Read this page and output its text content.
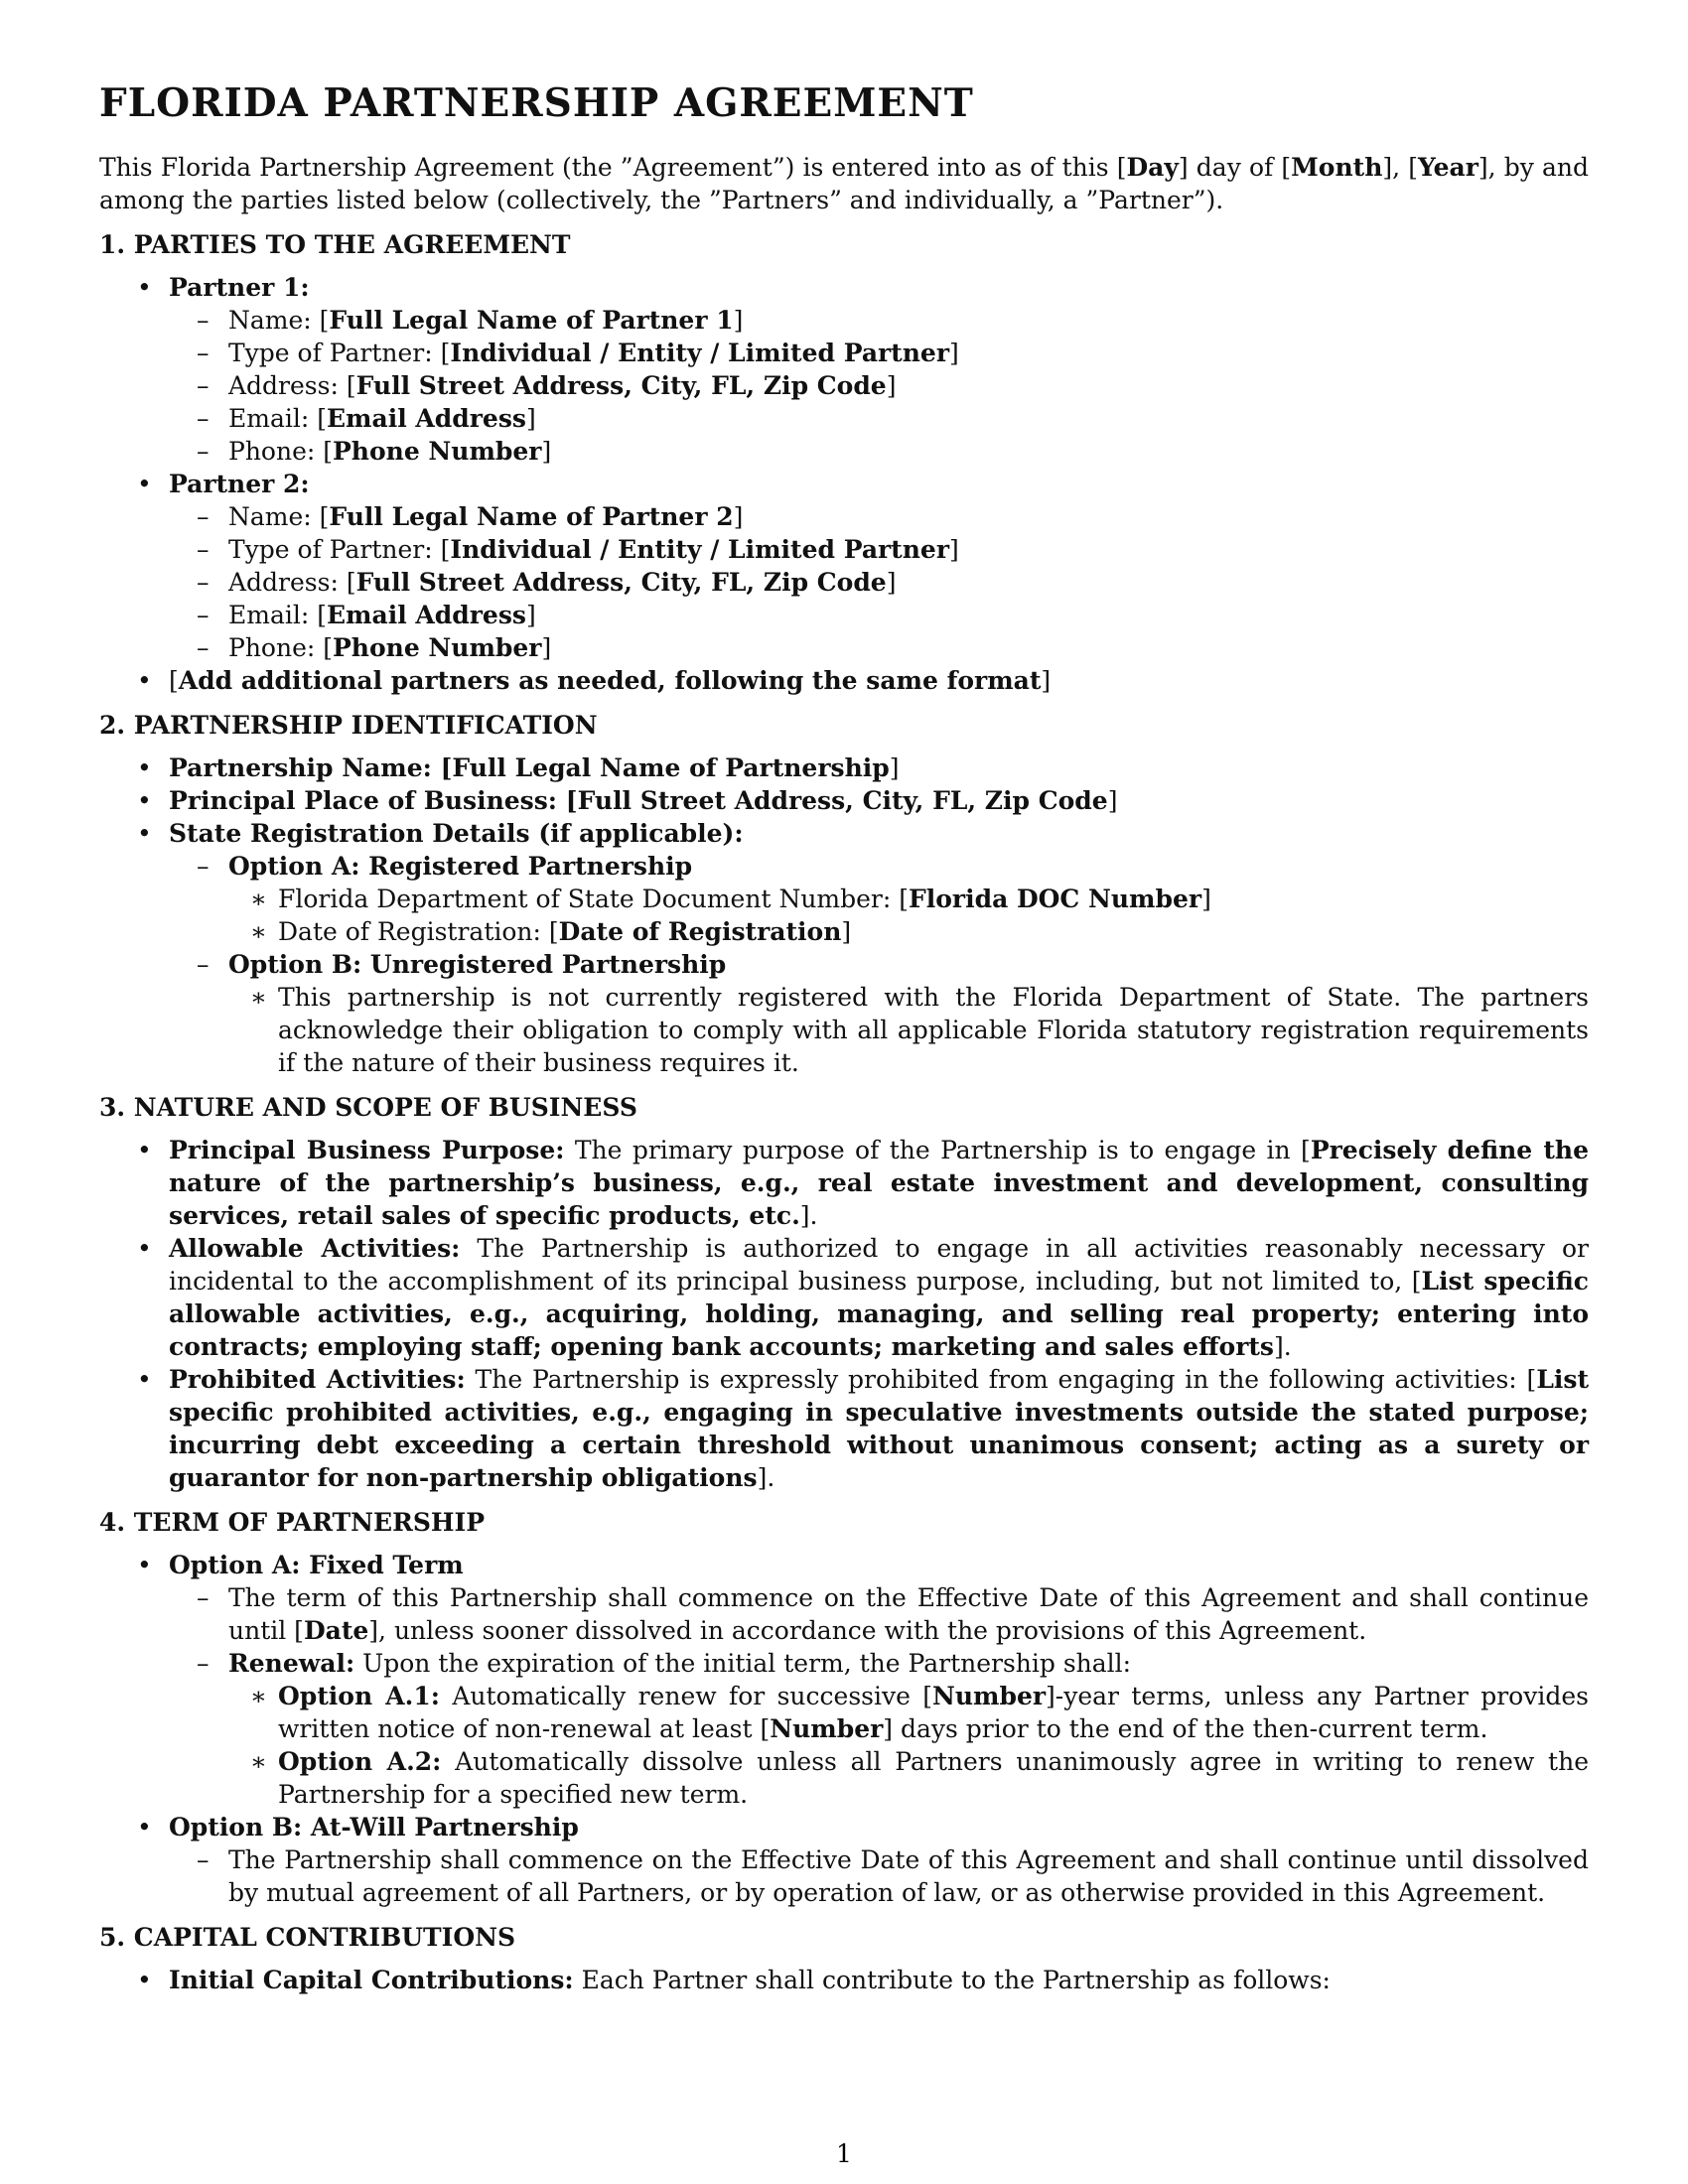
FLORIDA PARTNERSHIP AGREEMENT

This Florida Partnership Agreement (the ”Agreement”) is entered into as of this [Day] day of [Month], [Year], by and among the parties listed below (collectively, the ”Partners” and individually, a ”Partner”).

1. PARTIES TO THE AGREEMENT
• Partner 1:
– Name: [Full Legal Name of Partner 1]
– Type of Partner: [Individual / Entity / Limited Partner]
– Address: [Full Street Address, City, FL, Zip Code]
– Email: [Email Address]
– Phone: [Phone Number]
• Partner 2:
– Name: [Full Legal Name of Partner 2]
– Type of Partner: [Individual / Entity / Limited Partner]
– Address: [Full Street Address, City, FL, Zip Code]
– Email: [Email Address]
– Phone: [Phone Number]
• [Add additional partners as needed, following the same format]
2. PARTNERSHIP IDENTIFICATION
• Partnership Name: [Full Legal Name of Partnership]
• Principal Place of Business: [Full Street Address, City, FL, Zip Code]
• State Registration Details (if applicable):
– Option A: Registered Partnership
∗ Florida Department of State Document Number: [Florida DOC Number]
∗ Date of Registration: [Date of Registration]
– Option B: Unregistered Partnership
∗ This partnership is not currently registered with the Florida Department of State. The partners acknowledge their obligation to comply with all applicable Florida statutory registration requirements if the nature of their business requires it.
3. NATURE AND SCOPE OF BUSINESS
• Principal Business Purpose: The primary purpose of the Partnership is to engage in [Precisely define the nature of the partnership’s business, e.g., real estate investment and development, consulting services, retail sales of specific products, etc.].
• Allowable Activities: The Partnership is authorized to engage in all activities reasonably necessary or incidental to the accomplishment of its principal business purpose, including, but not limited to, [List specific allowable activities, e.g., acquiring, holding, managing, and selling real property; entering into contracts; employing staff; opening bank accounts; marketing and sales efforts].
• Prohibited Activities: The Partnership is expressly prohibited from engaging in the following activities: [List specific prohibited activities, e.g., engaging in speculative investments outside the stated purpose; incurring debt exceeding a certain threshold without unanimous consent; acting as a surety or guarantor for non-partnership obligations].
4. TERM OF PARTNERSHIP
• Option A: Fixed Term
– The term of this Partnership shall commence on the Effective Date of this Agreement and shall continue until [Date], unless sooner dissolved in accordance with the provisions of this Agreement.
– Renewal: Upon the expiration of the initial term, the Partnership shall:
∗ Option A.1: Automatically renew for successive [Number]-year terms, unless any Partner provides written notice of non-renewal at least [Number] days prior to the end of the then-current term.
∗ Option A.2: Automatically dissolve unless all Partners unanimously agree in writing to renew the Partnership for a specified new term.
• Option B: At-Will Partnership
– The Partnership shall commence on the Effective Date of this Agreement and shall continue until dissolved by mutual agreement of all Partners, or by operation of law, or as otherwise provided in this Agreement.
5. CAPITAL CONTRIBUTIONS
• Initial Capital Contributions: Each Partner shall contribute to the Partnership as follows:
1
